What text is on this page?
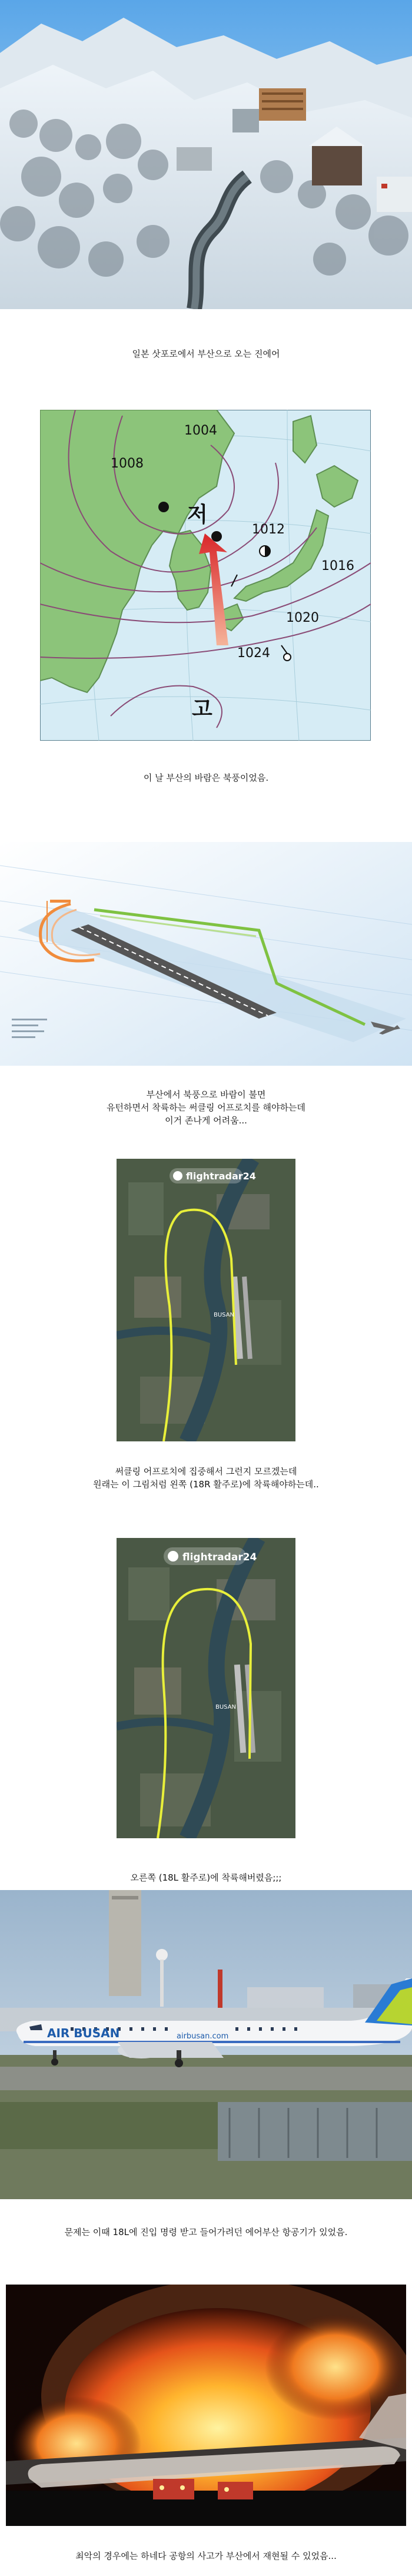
일본 삿포로에서 부산으로 오는 진에어
1004
1008
1012
1016
1020
1024
저
고
이 날 부산의 바람은 북풍이었음.
부산에서 북풍으로 바람이 불면
유턴하면서 착륙하는 써클링 어프로치를 해야하는데
이거 존나게 어려움...
flightradar24
BUSAN
써클링 어프로치에 집중해서 그런지 모르겠는데
원래는 이 그림처럼 왼쪽 (18R 활주로)에 착륙해야하는데..
flightradar24
BUSAN
오른쪽 (18L 활주로)에 착륙해버렸음;;;
AIR BUSAN	airbusan.com
문제는 이때 18L에 진입 명령 받고 들어가려던 에어부산 항공기가 있었음.
최악의 경우에는 하네다 공항의 사고가 부산에서 재현될 수 있었음...
